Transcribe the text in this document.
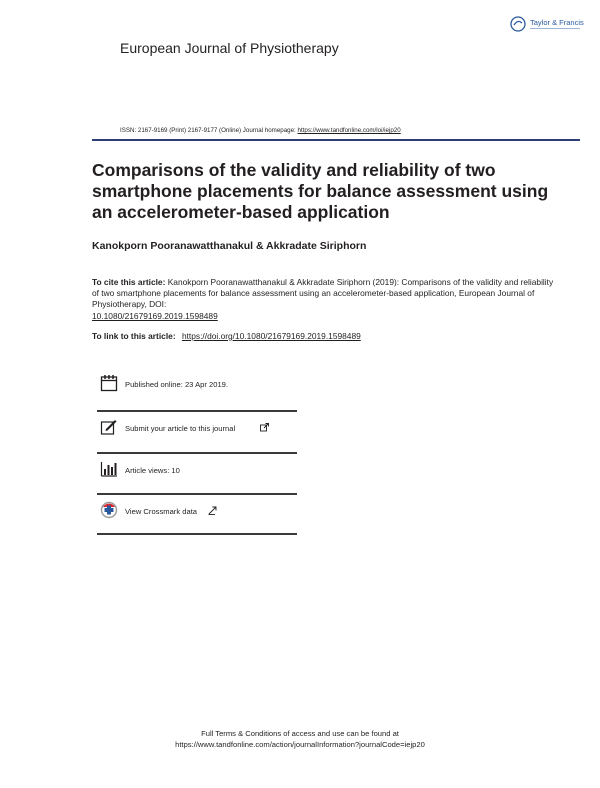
Taylor & Francis
European Journal of Physiotherapy
ISSN: 2167-9169 (Print) 2167-9177 (Online) Journal homepage: https://www.tandfonline.com/loi/iejp20
Comparisons of the validity and reliability of two smartphone placements for balance assessment using an accelerometer-based application
Kanokporn Pooranawatthanakul & Akkradate Siriphorn
To cite this article: Kanokporn Pooranawatthanakul & Akkradate Siriphorn (2019): Comparisons of the validity and reliability of two smartphone placements for balance assessment using an accelerometer-based application, European Journal of Physiotherapy, DOI:
10.1080/21679169.2019.1598489
To link to this article: https://doi.org/10.1080/21679169.2019.1598489
Published online: 23 Apr 2019.
Submit your article to this journal
Article views: 10
View Crossmark data
Full Terms & Conditions of access and use can be found at
https://www.tandfonline.com/action/journalInformation?journalCode=iejp20
